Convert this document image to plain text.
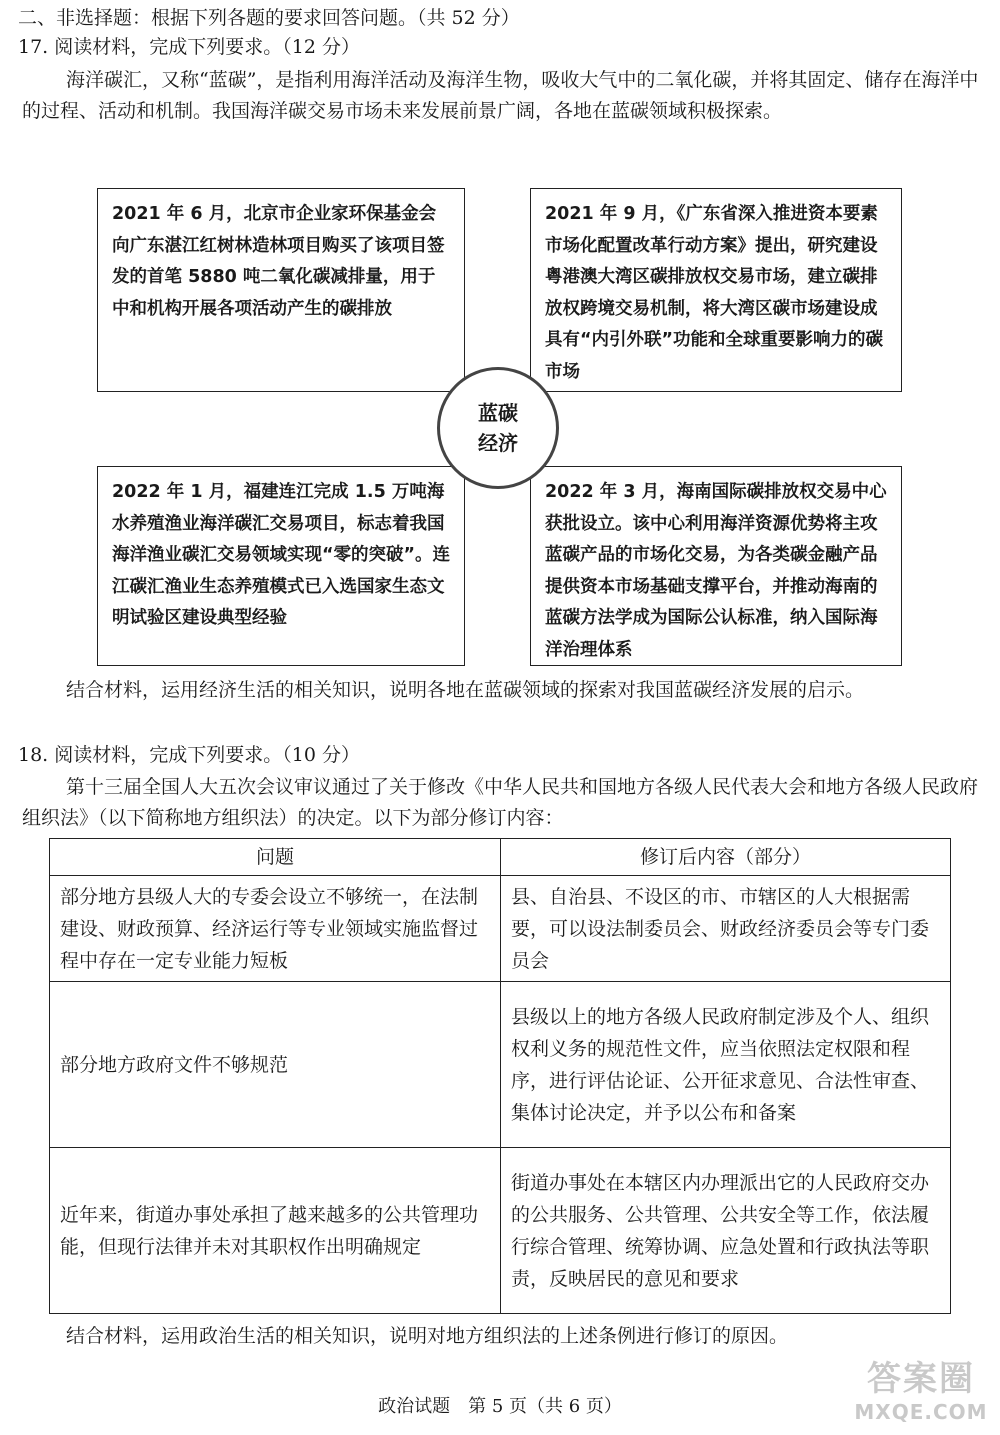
二、非选择题：根据下列各题的要求回答问题。（共 52 分）
17. 阅读材料，完成下列要求。（12 分）
海洋碳汇，又称“蓝碳”，是指利用海洋活动及海洋生物，吸收大气中的二氧化碳，并将其固定、储存在海洋中的过程、活动和机制。我国海洋碳交易市场未来发展前景广阔，各地在蓝碳领域积极探索。
2021 年 6 月，北京市企业家环保基金会向广东湛江红树林造林项目购买了该项目签发的首笔 5880 吨二氧化碳减排量，用于中和机构开展各项活动产生的碳排放
2021 年 9 月，《广东省深入推进资本要素市场化配置改革行动方案》提出，研究建设粤港澳大湾区碳排放权交易市场，建立碳排放权跨境交易机制，将大湾区碳市场建设成具有“内引外联”功能和全球重要影响力的碳市场
2022 年 1 月，福建连江完成 1.5 万吨海水养殖渔业海洋碳汇交易项目，标志着我国海洋渔业碳汇交易领域实现“零的突破”。连江碳汇渔业生态养殖模式已入选国家生态文明试验区建设典型经验
2022 年 3 月，海南国际碳排放权交易中心获批设立。该中心利用海洋资源优势将主攻蓝碳产品的市场化交易，为各类碳金融产品提供资本市场基础支撑平台，并推动海南的蓝碳方法学成为国际公认标准，纳入国际海洋治理体系
蓝碳
经济
结合材料，运用经济生活的相关知识，说明各地在蓝碳领域的探索对我国蓝碳经济发展的启示。
18. 阅读材料，完成下列要求。（10 分）
第十三届全国人大五次会议审议通过了关于修改《中华人民共和国地方各级人民代表大会和地方各级人民政府组织法》（以下简称地方组织法）的决定。以下为部分修订内容：
问题	修订后内容（部分）
部分地方县级人大的专委会设立不够统一，在法制建设、财政预算、经济运行等专业领域实施监督过程中存在一定专业能力短板	县、自治县、不设区的市、市辖区的人大根据需要，可以设法制委员会、财政经济委员会等专门委员会
部分地方政府文件不够规范	县级以上的地方各级人民政府制定涉及个人、组织权利义务的规范性文件，应当依照法定权限和程序，进行评估论证、公开征求意见、合法性审查、集体讨论决定，并予以公布和备案
近年来，街道办事处承担了越来越多的公共管理功能，但现行法律并未对其职权作出明确规定	街道办事处在本辖区内办理派出它的人民政府交办的公共服务、公共管理、公共安全等工作，依法履行综合管理、统筹协调、应急处置和行政执法等职责，反映居民的意见和要求
结合材料，运用政治生活的相关知识，说明对地方组织法的上述条例进行修订的原因。
政治试题　第 5 页（共 6 页）
答案圈
MXQE.COM
